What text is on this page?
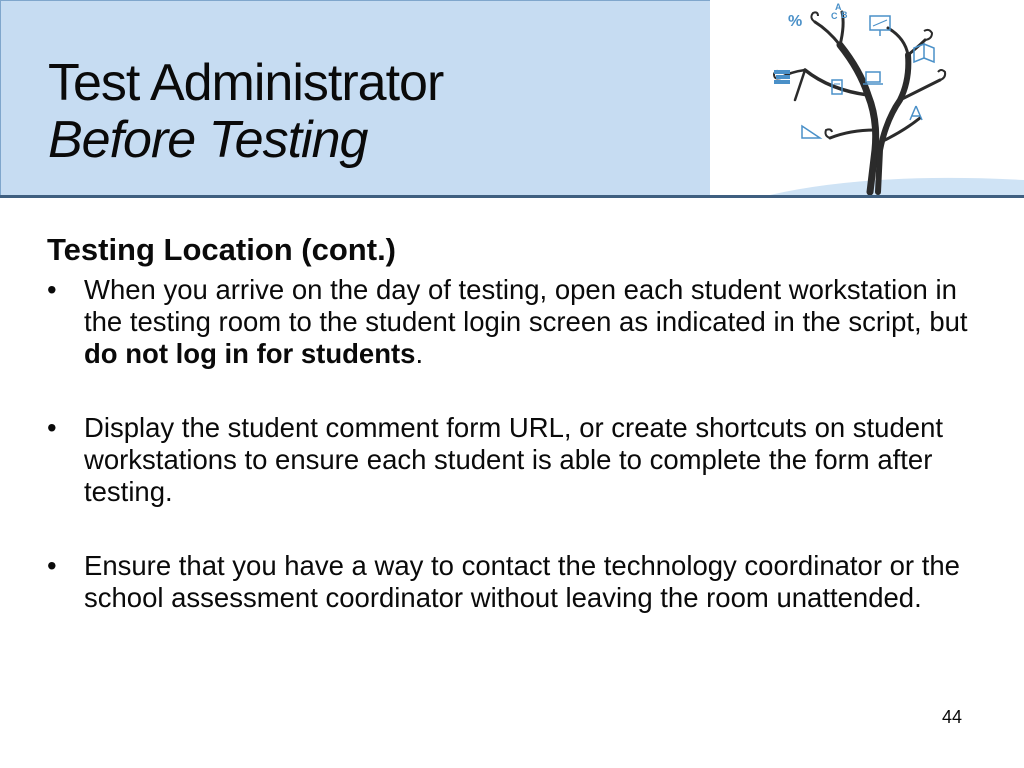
Test Administrator
Before Testing
%
A
C B
Testing Location (cont.)
• When you arrive on the day of testing, open each student workstation in the testing room to the student login screen as indicated in the script, but do not log in for students.
• Display the student comment form URL, or create shortcuts on student workstations to ensure each student is able to complete the form after testing.
• Ensure that you have a way to contact the technology coordinator or the school assessment coordinator without leaving the room unattended.
44
